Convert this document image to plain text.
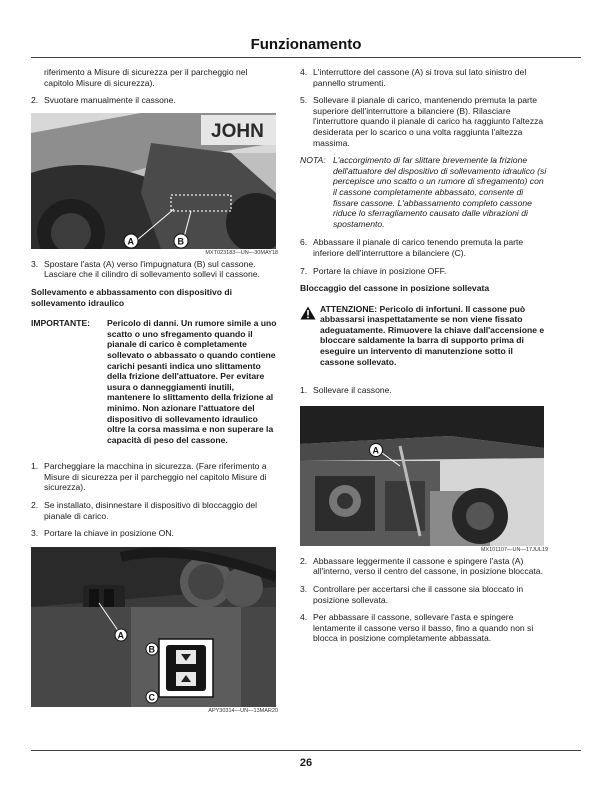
Funzionamento

riferimento a Misure di sicurezza per il parcheggio nel capitolo Misure di sicurezza).

2. Svuotare manualmente il cassone.
JOHN
A	B
MXT023183—UN—30MAY18
3. Spostare l'asta (A) verso l'impugnatura (B) sul cassone. Lasciare che il cilindro di sollevamento sollevi il cassone.

Sollevamento e abbassamento con dispositivo di sollevamento idraulico

IMPORTANTE: Pericolo di danni. Un rumore simile a uno scatto o uno sfregamento quando il pianale di carico è completamente sollevato o abbassato o quando contiene carichi pesanti indica uno slittamento della frizione dell'attuatore. Per evitare usura o danneggiamenti inutili, mantenere lo slittamento della frizione al minimo. Non azionare l'attuatore del dispositivo di sollevamento idraulico oltre la corsa massima e non superare la capacità di peso del cassone.
1. Parcheggiare la macchina in sicurezza. (Fare riferimento a Misure di sicurezza per il parcheggio nel capitolo Misure di sicurezza).
2. Se installato, disinnestare il dispositivo di bloccaggio del pianale di carico.
3. Portare la chiave in posizione ON.
A
B
C
APY30314—UN—13MAR20
4. L'interruttore del cassone (A) si trova sul lato sinistro del pannello strumenti.
5. Sollevare il pianale di carico, mantenendo premuta la parte superiore dell'interruttore a bilanciere (B). Rilasciare l'interruttore quando il pianale di carico ha raggiunto l'altezza desiderata per lo scarico o una volta raggiunta l'altezza massima.
NOTA: L'accorgimento di far slittare brevemente la frizione dell'attuatore del dispositivo di sollevamento idraulico (si percepisce uno scatto o un rumore di sfregamento) con il cassone completamente abbassato, consente di fissare cassone. L'abbassamento completo cassone riduce lo sferragliamento causato dalle vibrazioni di spostamento.
6. Abbassare il pianale di carico tenendo premuta la parte inferiore dell'interruttore a bilanciere (C).
7. Portare la chiave in posizione OFF.

Bloccaggio del cassone in posizione sollevata

ATTENZIONE: Pericolo di infortuni. Il cassone può abbassarsi inaspettatamente se non viene fissato adeguatamente. Rimuovere la chiave dall'accensione e bloccare saldamente la barra di supporto prima di eseguire un intervento di manutenzione sotto il cassone sollevato.
1. Sollevare il cassone.
A
MX101107—UN—17JUL19
2. Abbassare leggermente il cassone e spingere l'asta (A) all'interno, verso il centro del cassone, in posizione bloccata.
3. Controllare per accertarsi che il cassone sia bloccato in posizione sollevata.
4. Per abbassare il cassone, sollevare l'asta e spingere lentamente il cassone verso il basso, fino a quando non si blocca in posizione completamente abbassata.
26
